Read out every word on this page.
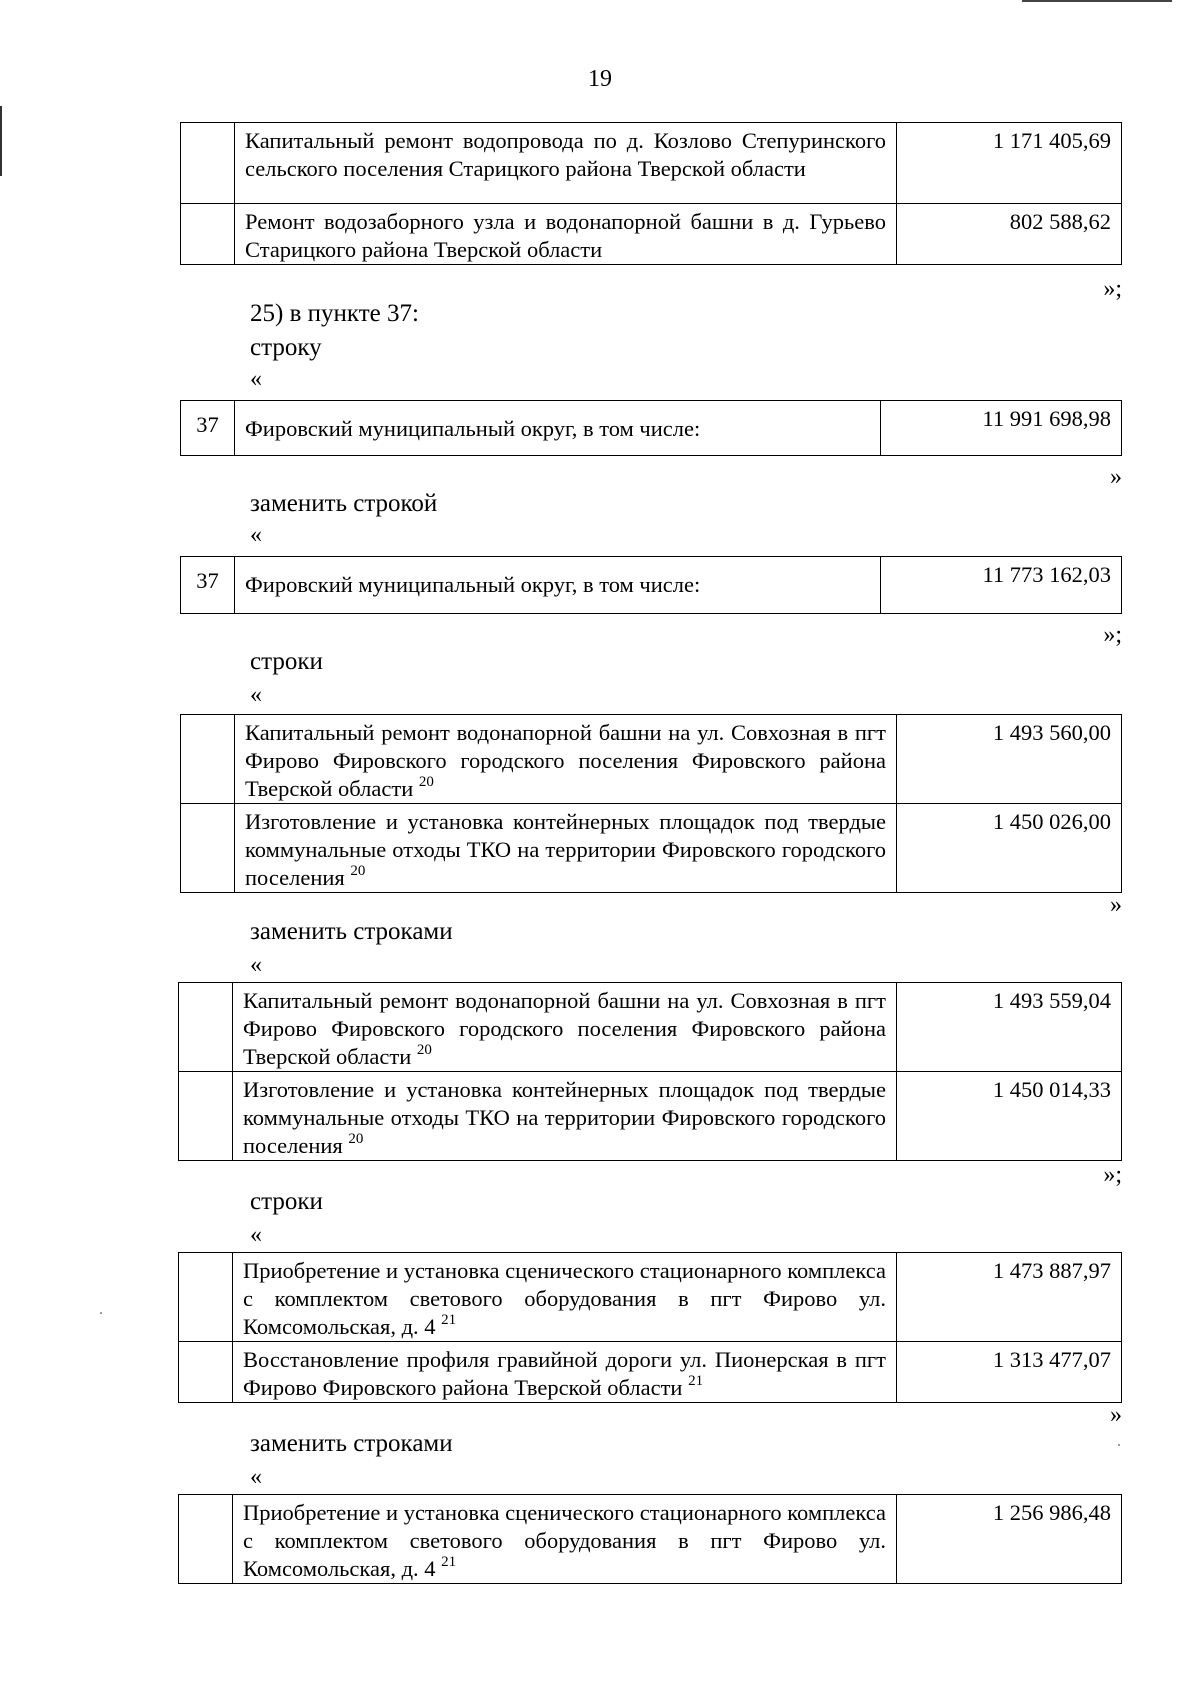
19
	Капитальный ремонт водопровода по д. Козлово Степуринского сельского поселения Старицкого района Тверской области	1 171 405,69

	Ремонт водозаборного узла и водонапорной башни в д. Гурьево Старицкого района Тверской области	802 588,62
»;
25) в пункте 37:
строку
«
37	Фировский муниципальный округ, в том числе:	11 991 698,98
»
заменить строкой
«
37	Фировский муниципальный округ, в том числе:	11 773 162,03
»;
строки
«
	Капитальный ремонт водонапорной башни на ул. Совхозная в пгт Фирово Фировского городского поселения Фировского района Тверской области $^{20}$	1 493 560,00

	Изготовление и установка контейнерных площадок под твердые коммунальные отходы ТКО на территории Фировского городского поселения $^{20}$	1 450 026,00
»
заменить строками
«
	Капитальный ремонт водонапорной башни на ул. Совхозная в пгт Фирово Фировского городского поселения Фировского района Тверской области $^{20}$	1 493 559,04

	Изготовление и установка контейнерных площадок под твердые коммунальные отходы ТКО на территории Фировского городского поселения $^{20}$	1 450 014,33
»;
строки
«
	Приобретение и установка сценического стационарного комплекса с комплектом светового оборудования в пгт Фирово ул. Комсомольская, д. 4 $^{21}$	1 473 887,97

	Восстановление профиля гравийной дороги ул. Пионерская в пгт Фирово Фировского района Тверской области $^{21}$	1 313 477,07
»
заменить строками
«
	Приобретение и установка сценического стационарного комплекса с комплектом светового оборудования в пгт Фирово ул. Комсомольская, д. 4 $^{21}$	1 256 986,48
